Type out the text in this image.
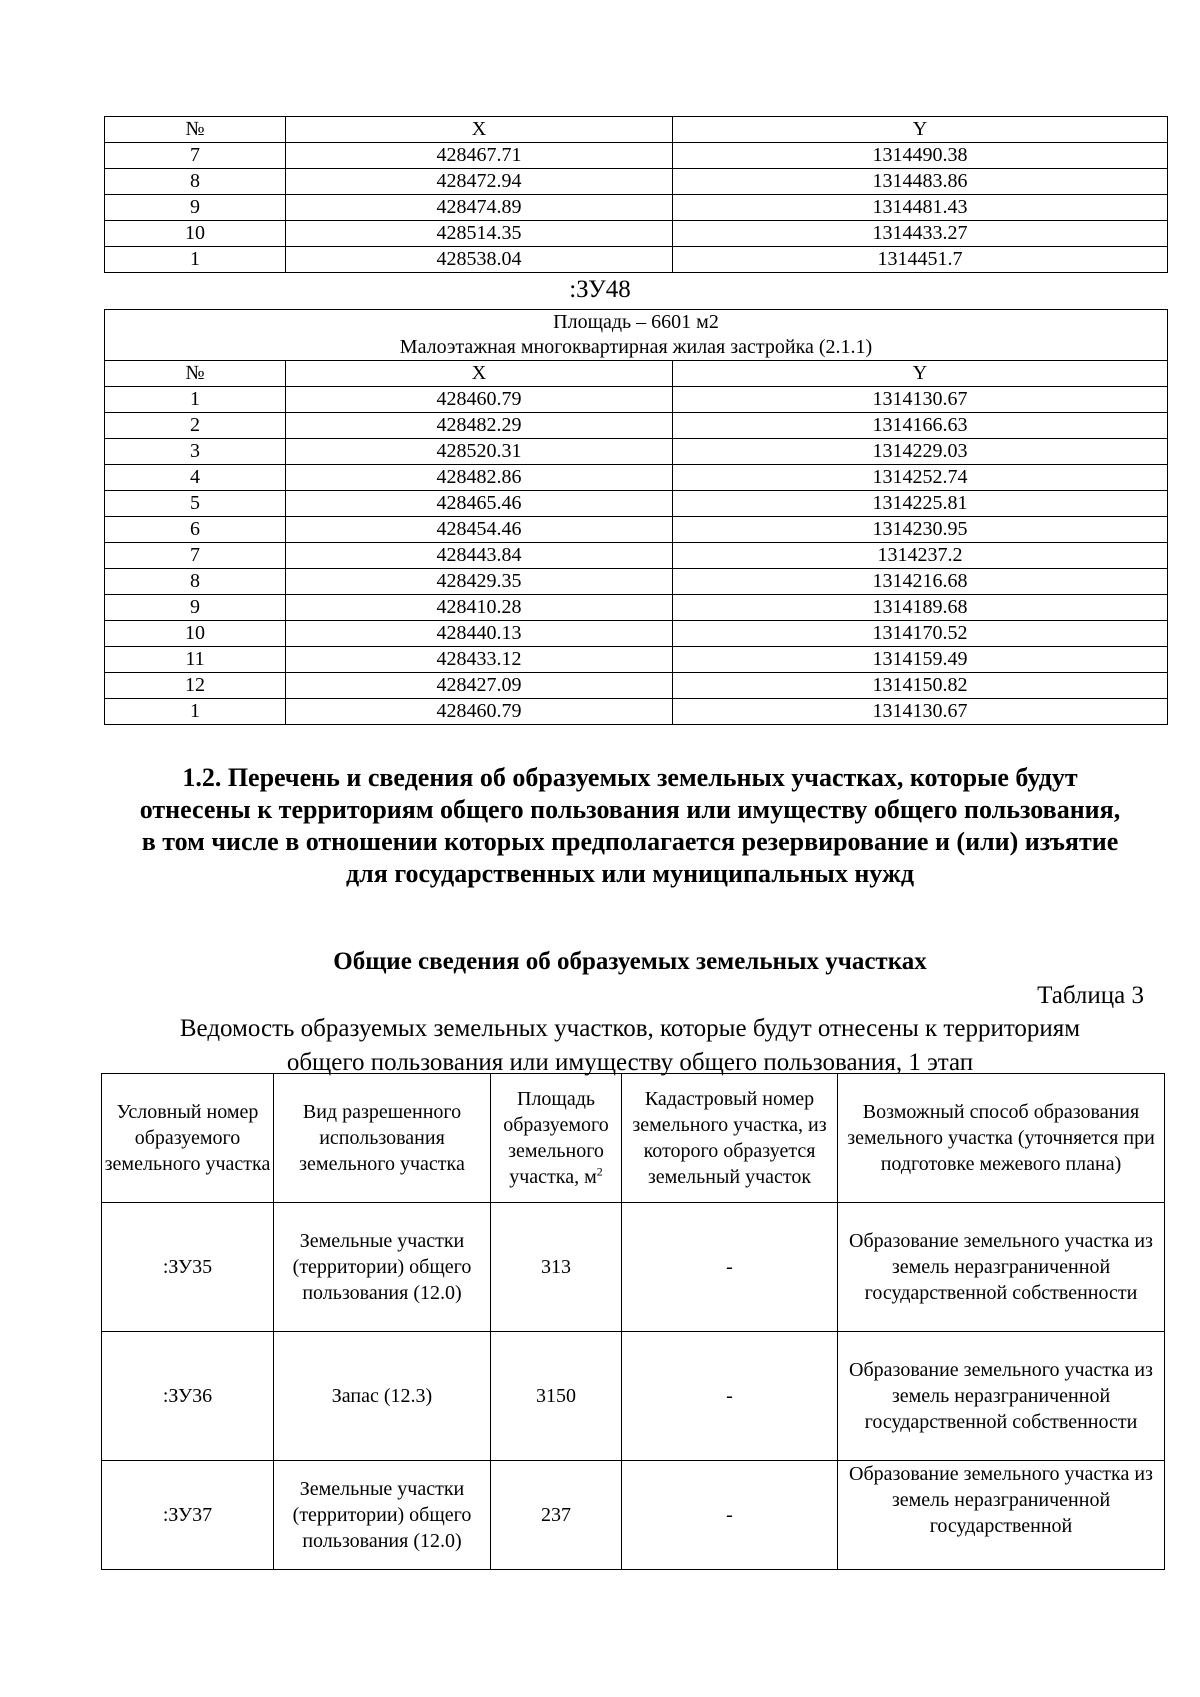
№	X	Y
7	428467.71	1314490.38
8	428472.94	1314483.86
9	428474.89	1314481.43
10	428514.35	1314433.27
1	428538.04	1314451.7
:ЗУ48
Площадь – 6601 м2		
Малоэтажная многоквартирная жилая застройка (2.1.1)		
№	X	Y
1	428460.79	1314130.67
2	428482.29	1314166.63
3	428520.31	1314229.03
4	428482.86	1314252.74
5	428465.46	1314225.81
6	428454.46	1314230.95
7	428443.84	1314237.2
8	428429.35	1314216.68
9	428410.28	1314189.68
10	428440.13	1314170.52
11	428433.12	1314159.49
12	428427.09	1314150.82
1	428460.79	1314130.67
1.2. Перечень и сведения об образуемых земельных участках, которые будут отнесены к территориям общего пользования или имуществу общего пользования, в том числе в отношении которых предполагается резервирование и (или) изъятие для государственных или муниципальных нужд
Общие сведения об образуемых земельных участках
Таблица 3
Ведомость образуемых земельных участков, которые будут отнесены к территориям общего пользования или имуществу общего пользования, 1 этап
Условный номер образуемого земельного участка	Вид разрешенного использования земельного участка	Площадь образуемого земельного участка, $м^2$	Кадастровый номер земельного участка, из которого образуется земельный участок	Возможный способ образования земельного участка (уточняется при подготовке межевого плана)
:ЗУ35	Земельные участки (территории) общего пользования (12.0)	313	-	Образование земельного участка из земель неразграниченной государственной собственности
:ЗУ36	Запас (12.3)	3150	-	Образование земельного участка из земель неразграниченной государственной собственности
:ЗУ37	Земельные участки (территории) общего пользования (12.0)	237	-	Образование земельного участка из земель неразграниченной государственной
